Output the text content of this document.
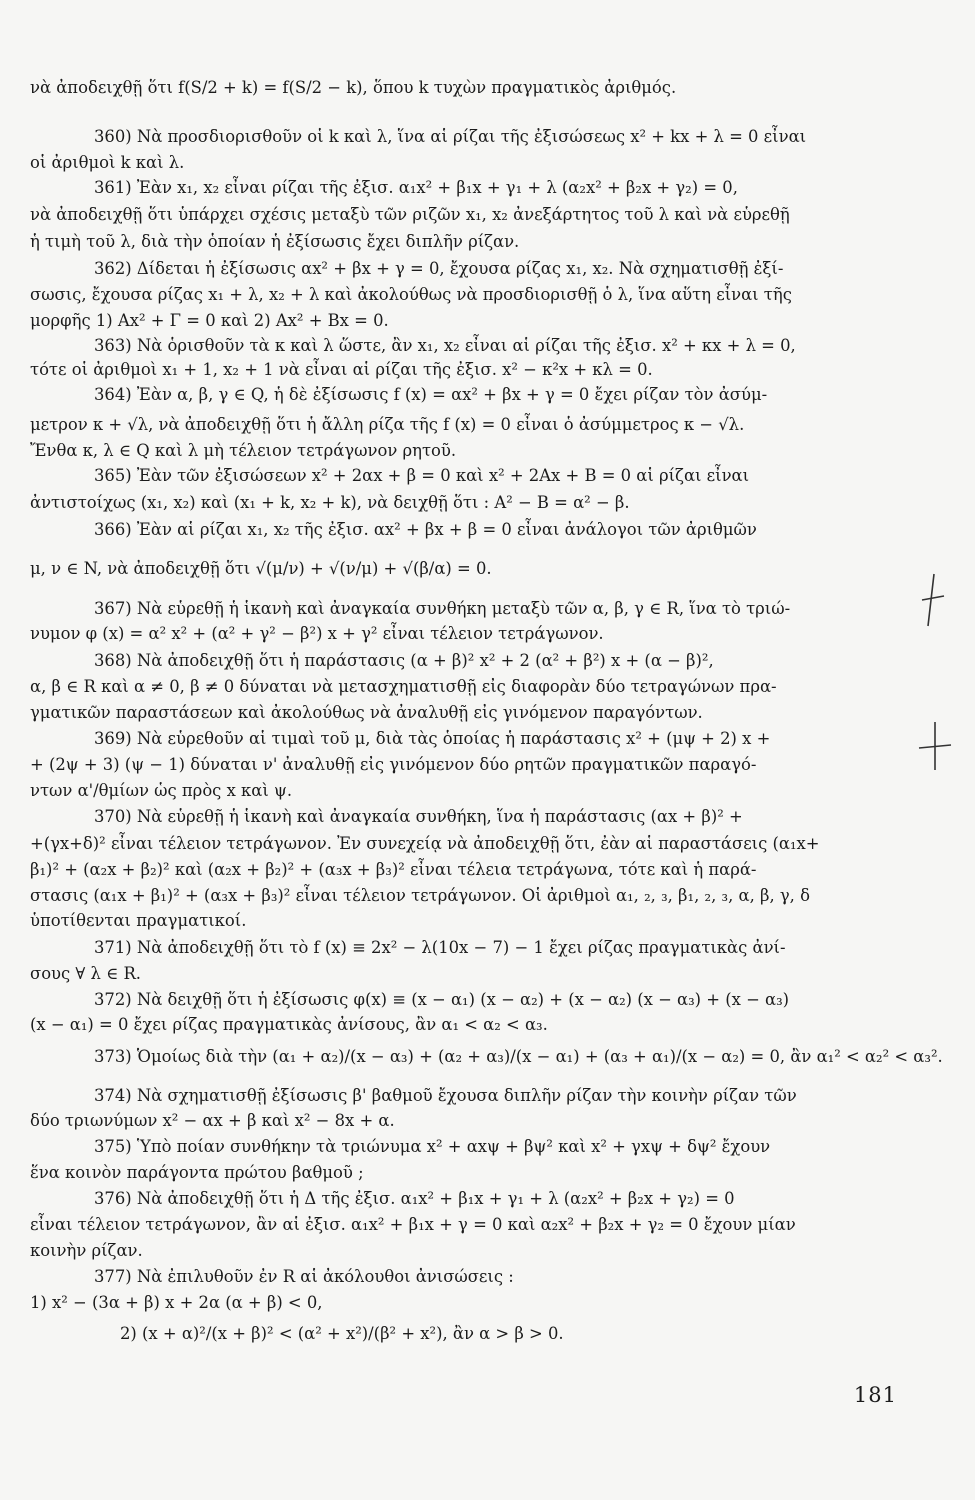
νὰ ἀποδειχθῇ ὅτι f(S/2 + k) = f(S/2 − k), ὅπου k τυχὼν πραγματικὸς ἀριθμός.
360) Νὰ προσδιορισθοῦν οἱ k καὶ λ, ἵνα αἱ ρίζαι τῆς ἐξισώσεως x² + kx + λ = 0 εἶναι
οἱ ἀριθμοὶ k καὶ λ.
361) Ἐὰν x₁, x₂ εἶναι ρίζαι τῆς ἐξισ. α₁x² + β₁x + γ₁ + λ (α₂x² + β₂x + γ₂) = 0,
νὰ ἀποδειχθῇ ὅτι ὑπάρχει σχέσις μεταξὺ τῶν ριζῶν x₁, x₂ ἀνεξάρτητος τοῦ λ καὶ νὰ εὑρεθῇ
ἡ τιμὴ τοῦ λ, διὰ τὴν ὁποίαν ἡ ἐξίσωσις ἔχει διπλῆν ρίζαν.
362) Δίδεται ἡ ἐξίσωσις αx² + βx + γ = 0, ἔχουσα ρίζας x₁, x₂. Νὰ σχηματισθῇ ἐξί-
σωσις, ἔχουσα ρίζας x₁ + λ, x₂ + λ καὶ ἀκολούθως νὰ προσδιορισθῇ ὁ λ, ἵνα αὕτη εἶναι τῆς
μορφῆς 1) Ax² + Γ = 0 καὶ 2) Ax² + Bx = 0.
363) Νὰ ὁρισθοῦν τὰ κ καὶ λ ὥστε, ἂν x₁, x₂ εἶναι αἱ ρίζαι τῆς ἐξισ. x² + κx + λ = 0,
τότε οἱ ἀριθμοὶ x₁ + 1, x₂ + 1 νὰ εἶναι αἱ ρίζαι τῆς ἐξισ. x² − κ²x + κλ = 0.
364) Ἐὰν α, β, γ ∈ Q, ἡ δὲ ἐξίσωσις f (x) = αx² + βx + γ = 0 ἔχει ρίζαν τὸν ἀσύμ-
μετρον κ + √λ, νὰ ἀποδειχθῇ ὅτι ἡ ἄλλη ρίζα τῆς f (x) = 0 εἶναι ὁ ἀσύμμετρος κ − √λ.
Ἔνθα κ, λ ∈ Q καὶ λ μὴ τέλειον τετράγωνον ρητοῦ.
365) Ἐὰν τῶν ἐξισώσεων x² + 2αx + β = 0 καὶ x² + 2Ax + B = 0 αἱ ρίζαι εἶναι
ἀντιστοίχως (x₁, x₂) καὶ (x₁ + k, x₂ + k), νὰ δειχθῇ ὅτι : A² − B = α² − β.
366) Ἐὰν αἱ ρίζαι x₁, x₂ τῆς ἐξισ. αx² + βx + β = 0 εἶναι ἀνάλογοι τῶν ἀριθμῶν
μ, ν ∈ N, νὰ ἀποδειχθῇ ὅτι √(μ/ν) + √(ν/μ) + √(β/α) = 0.
367) Νὰ εὑρεθῇ ἡ ἱκανὴ καὶ ἀναγκαία συνθήκη μεταξὺ τῶν α, β, γ ∈ R, ἵνα τὸ τριώ-
νυμον φ (x) = α² x² + (α² + γ² − β²) x + γ² εἶναι τέλειον τετράγωνον.
368) Νὰ ἀποδειχθῇ ὅτι ἡ παράστασις (α + β)² x² + 2 (α² + β²) x + (α − β)²,
α, β ∈ R καὶ α ≠ 0, β ≠ 0 δύναται νὰ μετασχηματισθῇ εἰς διαφορὰν δύο τετραγώνων πρα-
γματικῶν παραστάσεων καὶ ἀκολούθως νὰ ἀναλυθῇ εἰς γινόμενον παραγόντων.
369) Νὰ εὑρεθοῦν αἱ τιμαὶ τοῦ μ, διὰ τὰς ὁποίας ἡ παράστασις x² + (μψ + 2) x +
+ (2ψ + 3) (ψ − 1) δύναται ν' ἀναλυθῇ εἰς γινόμενον δύο ρητῶν πραγματικῶν παραγό-
ντων α'/θμίων ὡς πρὸς x καὶ ψ.
370) Νὰ εὑρεθῇ ἡ ἱκανὴ καὶ ἀναγκαία συνθήκη, ἵνα ἡ παράστασις (αx + β)² +
+(γx+δ)² εἶναι τέλειον τετράγωνον. Ἐν συνεχείᾳ νὰ ἀποδειχθῇ ὅτι, ἐὰν αἱ παραστάσεις (α₁x+
β₁)² + (α₂x + β₂)² καὶ (α₂x + β₂)² + (α₃x + β₃)² εἶναι τέλεια τετράγωνα, τότε καὶ ἡ παρά-
στασις (α₁x + β₁)² + (α₃x + β₃)² εἶναι τέλειον τετράγωνον. Οἱ ἀριθμοὶ α₁, ₂, ₃, β₁, ₂, ₃, α, β, γ, δ
ὑποτίθενται πραγματικοί.
371) Νὰ ἀποδειχθῇ ὅτι τὸ f (x) ≡ 2x² − λ(10x − 7) − 1 ἔχει ρίζας πραγματικὰς ἀνί-
σους ∀ λ ∈ R.
372) Νὰ δειχθῇ ὅτι ἡ ἐξίσωσις φ(x) ≡ (x − α₁) (x − α₂) + (x − α₂) (x − α₃) + (x − α₃)
(x − α₁) = 0 ἔχει ρίζας πραγματικὰς ἀνίσους, ἂν α₁ < α₂ < α₃.
373) Ὁμοίως διὰ τὴν (α₁ + α₂)/(x − α₃) + (α₂ + α₃)/(x − α₁) + (α₃ + α₁)/(x − α₂) = 0, ἂν α₁² < α₂² < α₃².
374) Νὰ σχηματισθῇ ἐξίσωσις β' βαθμοῦ ἔχουσα διπλῆν ρίζαν τὴν κοινὴν ρίζαν τῶν
δύο τριωνύμων x² − αx + β καὶ x² − 8x + α.
375) Ὑπὸ ποίαν συνθήκην τὰ τριώνυμα x² + αxψ + βψ² καὶ x² + γxψ + δψ² ἔχουν
ἕνα κοινὸν παράγοντα πρώτου βαθμοῦ ;
376) Νὰ ἀποδειχθῇ ὅτι ἡ Δ τῆς ἐξισ. α₁x² + β₁x + γ₁ + λ (α₂x² + β₂x + γ₂) = 0
εἶναι τέλειον τετράγωνον, ἂν αἱ ἐξισ. α₁x² + β₁x + γ = 0 καὶ α₂x² + β₂x + γ₂ = 0 ἔχουν μίαν
κοινὴν ρίζαν.
377) Νὰ ἐπιλυθοῦν ἐν R αἱ ἀκόλουθοι ἀνισώσεις :
1) x² − (3α + β) x + 2α (α + β) < 0,
2) (x + α)²/(x + β)² < (α² + x²)/(β² + x²), ἂν α > β > 0.
181
